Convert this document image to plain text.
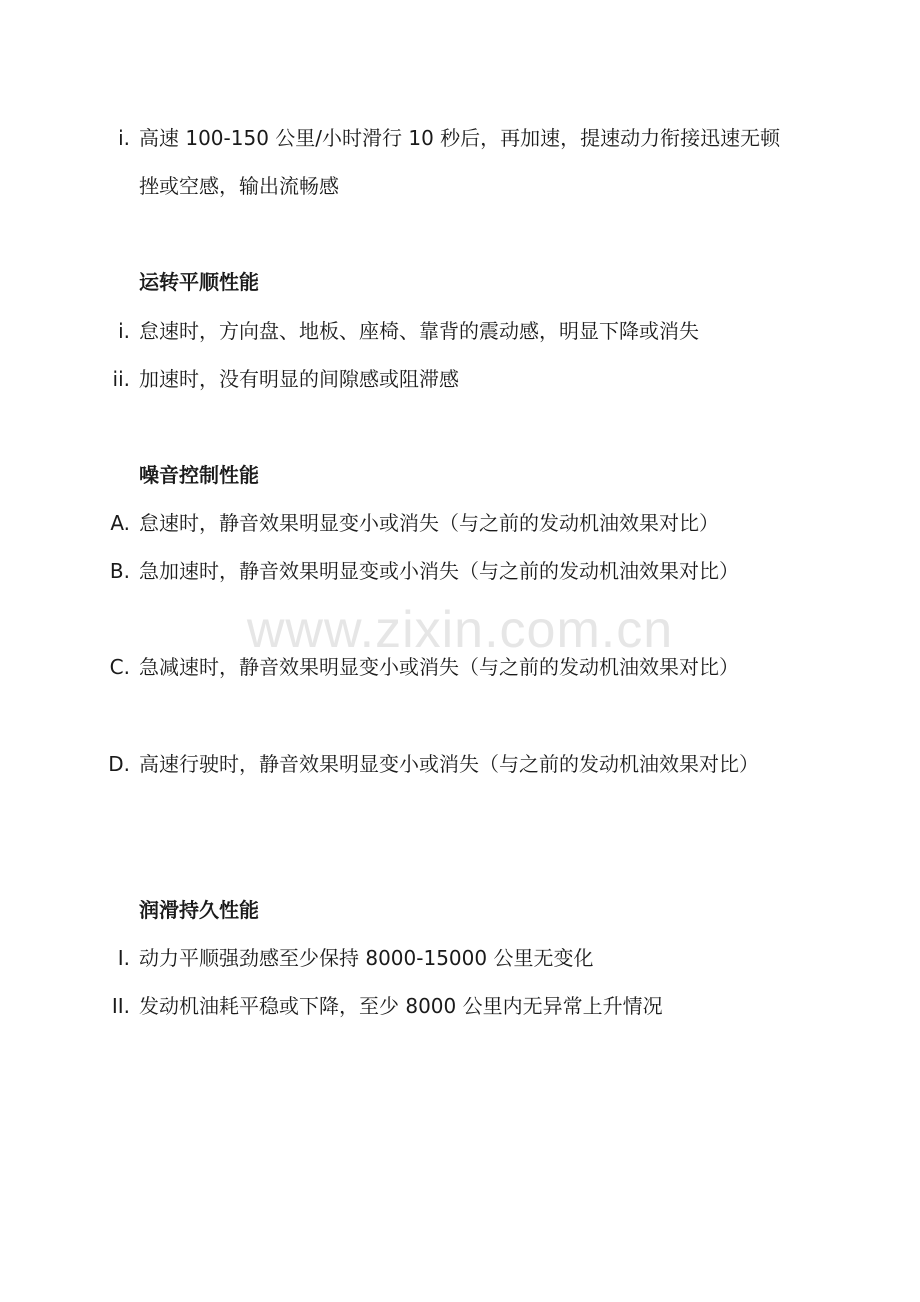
i. 高速 100-150 公里/小时滑行 10 秒后，再加速，提速动力衔接迅速无顿挫或空感，输出流畅感
运转平顺性能
i. 怠速时，方向盘、地板、座椅、靠背的震动感，明显下降或消失
ii. 加速时，没有明显的间隙感或阻滞感
噪音控制性能
A. 怠速时，静音效果明显变小或消失（与之前的发动机油效果对比）
B. 急加速时，静音效果明显变或小消失（与之前的发动机油效果对比）
C. 急减速时，静音效果明显变小或消失（与之前的发动机油效果对比）
D. 高速行驶时，静音效果明显变小或消失（与之前的发动机油效果对比）
润滑持久性能
I. 动力平顺强劲感至少保持 8000-15000 公里无变化
II. 发动机油耗平稳或下降，至少 8000 公里内无异常上升情况
www.zixin.com.cn
